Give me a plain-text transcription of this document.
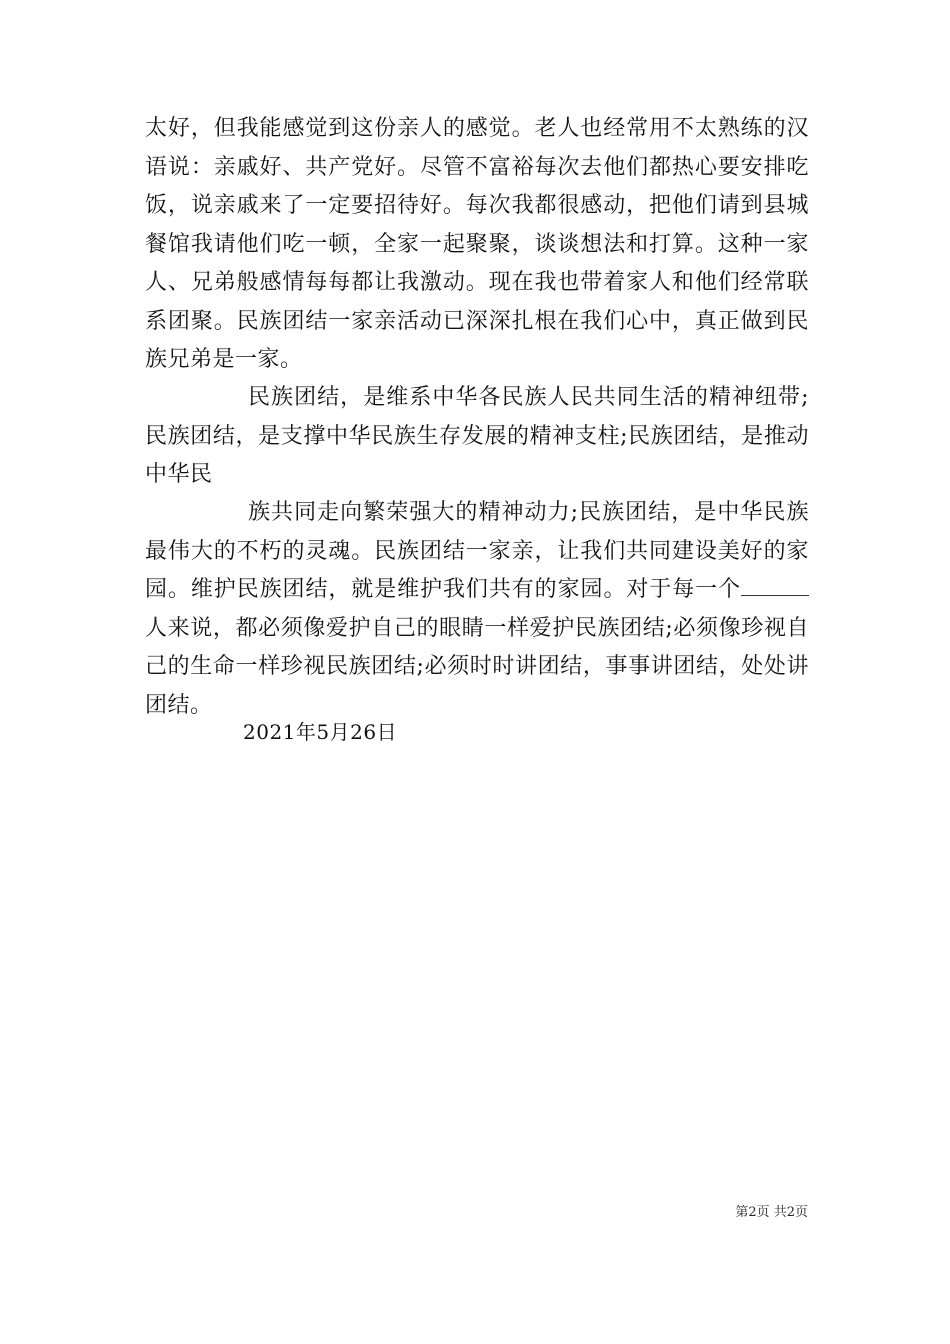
太好，但我能感觉到这份亲人的感觉。老人也经常用不太熟练的汉语说：亲戚好、共产党好。尽管不富裕每次去他们都热心要安排吃饭，说亲戚来了一定要招待好。每次我都很感动，把他们请到县城餐馆我请他们吃一顿，全家一起聚聚，谈谈想法和打算。这种一家人、兄弟般感情每每都让我激动。现在我也带着家人和他们经常联系团聚。民族团结一家亲活动已深深扎根在我们心中，真正做到民族兄弟是一家。

民族团结，是维系中华各民族人民共同生活的精神纽带;民族团结，是支撑中华民族生存发展的精神支柱;民族团结，是推动中华民

族共同走向繁荣强大的精神动力;民族团结，是中华民族最伟大的不朽的灵魂。民族团结一家亲，让我们共同建设美好的家园。维护民族团结，就是维护我们共有的家园。对于每一个人来说，都必须像爱护自己的眼睛一样爱护民族团结;必须像珍视自己的生命一样珍视民族团结;必须时时讲团结，事事讲团结，处处讲团结。

2021年5月26日

第2页 共2页
